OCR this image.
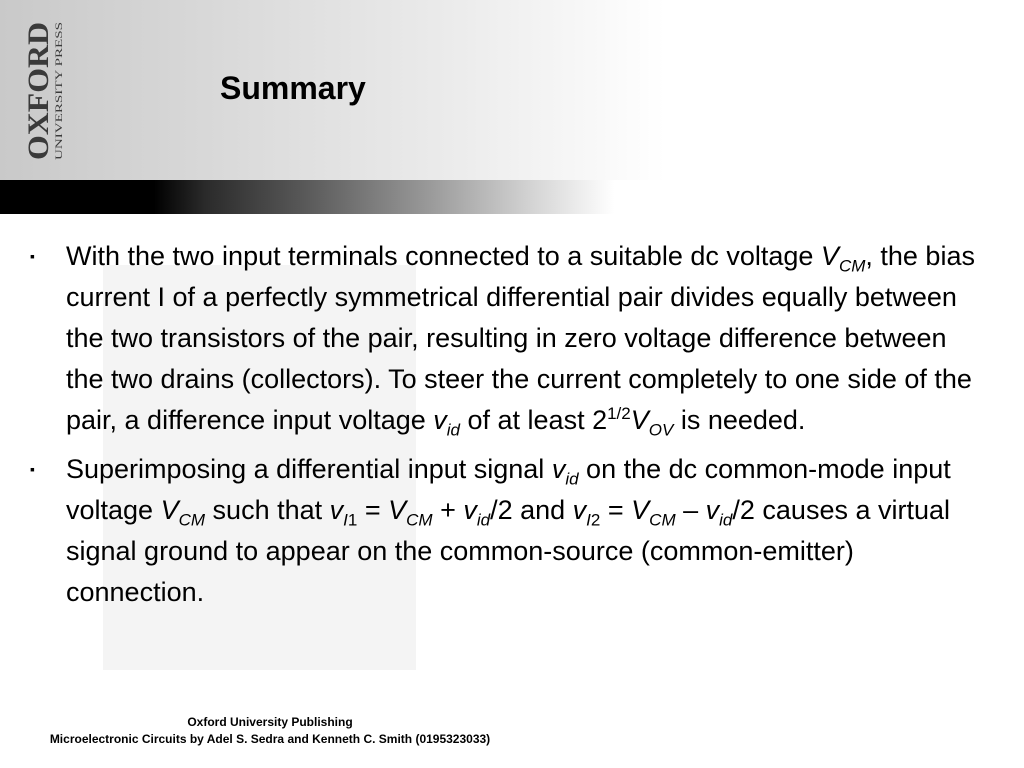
OXFORD UNIVERSITY PRESS	Summary
▪ With the two input terminals connected to a suitable dc voltage $V_{CM}$, the bias current I of a perfectly symmetrical differential pair divides equally between the two transistors of the pair, resulting in zero voltage difference between the two drains (collectors). To steer the current completely to one side of the pair, a difference input voltage $v_{id}$ of at least $2^{1/2}V_{OV}$ is needed.
▪ Superimposing a differential input signal $v_{id}$ on the dc common-mode input voltage $V_{CM}$ such that $v_{I1} = V_{CM} + v_{id}/2$ and $v_{I2} = V_{CM} - v_{id}/2$ causes a virtual signal ground to appear on the common-source (common-emitter) connection.
Oxford University Publishing
Microelectronic Circuits by Adel S. Sedra and Kenneth C. Smith (0195323033)
